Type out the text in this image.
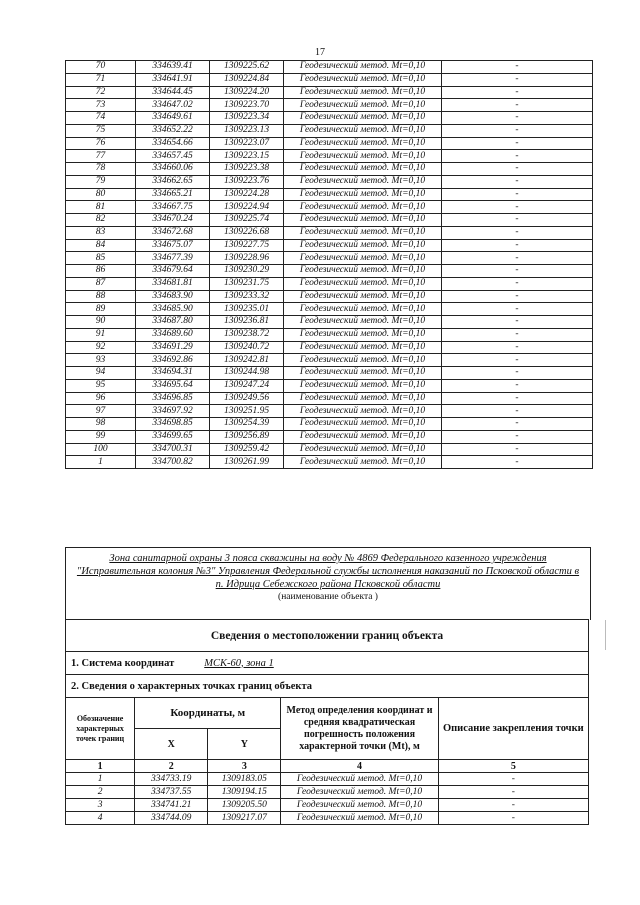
17
70	334639.41	1309225.62	Геодезический метод. Mt=0,10	-
71	334641.91	1309224.84	Геодезический метод. Mt=0,10	-
72	334644.45	1309224.20	Геодезический метод. Mt=0,10	-
73	334647.02	1309223.70	Геодезический метод. Mt=0,10	-
74	334649.61	1309223.34	Геодезический метод. Mt=0,10	-
75	334652.22	1309223.13	Геодезический метод. Mt=0,10	-
76	334654.66	1309223.07	Геодезический метод. Mt=0,10	-
77	334657.45	1309223.15	Геодезический метод. Mt=0,10	-
78	334660.06	1309223.38	Геодезический метод. Mt=0,10	-
79	334662.65	1309223.76	Геодезический метод. Mt=0,10	-
80	334665.21	1309224.28	Геодезический метод. Mt=0,10	-
81	334667.75	1309224.94	Геодезический метод. Mt=0,10	-
82	334670.24	1309225.74	Геодезический метод. Mt=0,10	-
83	334672.68	1309226.68	Геодезический метод. Mt=0,10	-
84	334675.07	1309227.75	Геодезический метод. Mt=0,10	-
85	334677.39	1309228.96	Геодезический метод. Mt=0,10	-
86	334679.64	1309230.29	Геодезический метод. Mt=0,10	-
87	334681.81	1309231.75	Геодезический метод. Mt=0,10	-
88	334683.90	1309233.32	Геодезический метод. Mt=0,10	-
89	334685.90	1309235.01	Геодезический метод. Mt=0,10	-
90	334687.80	1309236.81	Геодезический метод. Mt=0,10	-
91	334689.60	1309238.72	Геодезический метод. Mt=0,10	-
92	334691.29	1309240.72	Геодезический метод. Mt=0,10	-
93	334692.86	1309242.81	Геодезический метод. Mt=0,10	-
94	334694.31	1309244.98	Геодезический метод. Mt=0,10	-
95	334695.64	1309247.24	Геодезический метод. Mt=0,10	-
96	334696.85	1309249.56	Геодезический метод. Mt=0,10	-
97	334697.92	1309251.95	Геодезический метод. Mt=0,10	-
98	334698.85	1309254.39	Геодезический метод. Mt=0,10	-
99	334699.65	1309256.89	Геодезический метод. Mt=0,10	-
100	334700.31	1309259.42	Геодезический метод. Mt=0,10	-
1	334700.82	1309261.99	Геодезический метод. Mt=0,10	-
Зона санитарной охраны 3 пояса скважины на воду № 4869 Федерального казенного учреждения "Исправительная колония №3" Управления Федеральной службы исполнения наказаний по Псковской области в п. Идрица Себежского района Псковской области
(наименование объекта )
Сведения о местоположении границ объекта				
1. Система координат МСК-60, зона 1				
2. Сведения о характерных точках границ объекта				
Обозначение характерных точек границ	Координаты, м		Метод определения координат и средняя квадратическая погрешность положения характерной точки (Mt), м	Описание закрепления точки
	X	Y		
1	2	3	4	5
1	334733.19	1309183.05	Геодезический метод. Mt=0,10	-
2	334737.55	1309194.15	Геодезический метод. Mt=0,10	-
3	334741.21	1309205.50	Геодезический метод. Mt=0,10	-
4	334744.09	1309217.07	Геодезический метод. Mt=0,10	-
